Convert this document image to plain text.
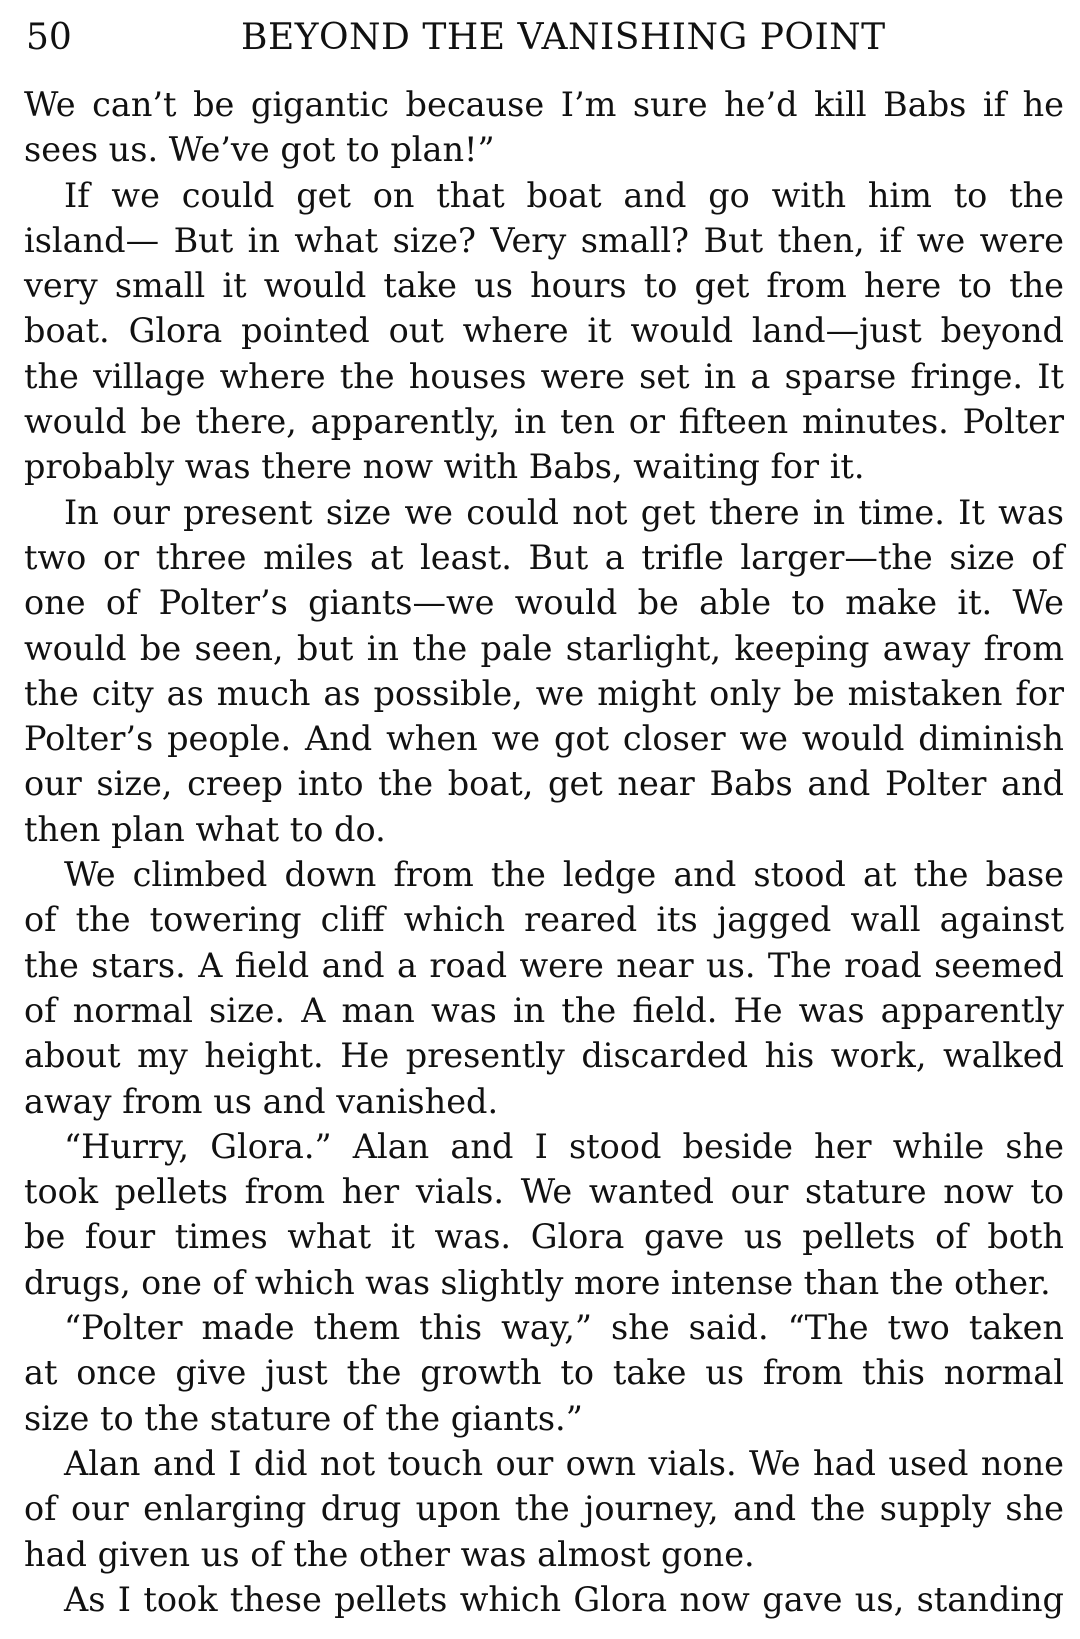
50	BEYOND THE VANISHING POINT
We can’t be gigantic because I’m sure he’d kill Babs if he
sees us. We’ve got to plan!”
If we could get on that boat and go with him to the
island— But in what size? Very small? But then, if we were
very small it would take us hours to get from here to the
boat. Glora pointed out where it would land—just beyond
the village where the houses were set in a sparse fringe. It
would be there, apparently, in ten or fifteen minutes. Polter
probably was there now with Babs, waiting for it.
In our present size we could not get there in time. It was
two or three miles at least. But a trifle larger—the size of
one of Polter’s giants—we would be able to make it. We
would be seen, but in the pale starlight, keeping away from
the city as much as possible, we might only be mistaken for
Polter’s people. And when we got closer we would diminish
our size, creep into the boat, get near Babs and Polter and
then plan what to do.
We climbed down from the ledge and stood at the base
of the towering cliff which reared its jagged wall against
the stars. A field and a road were near us. The road seemed
of normal size. A man was in the field. He was apparently
about my height. He presently discarded his work, walked
away from us and vanished.
“Hurry, Glora.” Alan and I stood beside her while she
took pellets from her vials. We wanted our stature now to
be four times what it was. Glora gave us pellets of both
drugs, one of which was slightly more intense than the other.
“Polter made them this way,” she said. “The two taken
at once give just the growth to take us from this normal
size to the stature of the giants.”
Alan and I did not touch our own vials. We had used none
of our enlarging drug upon the journey, and the supply she
had given us of the other was almost gone.
As I took these pellets which Glora now gave us, standing
